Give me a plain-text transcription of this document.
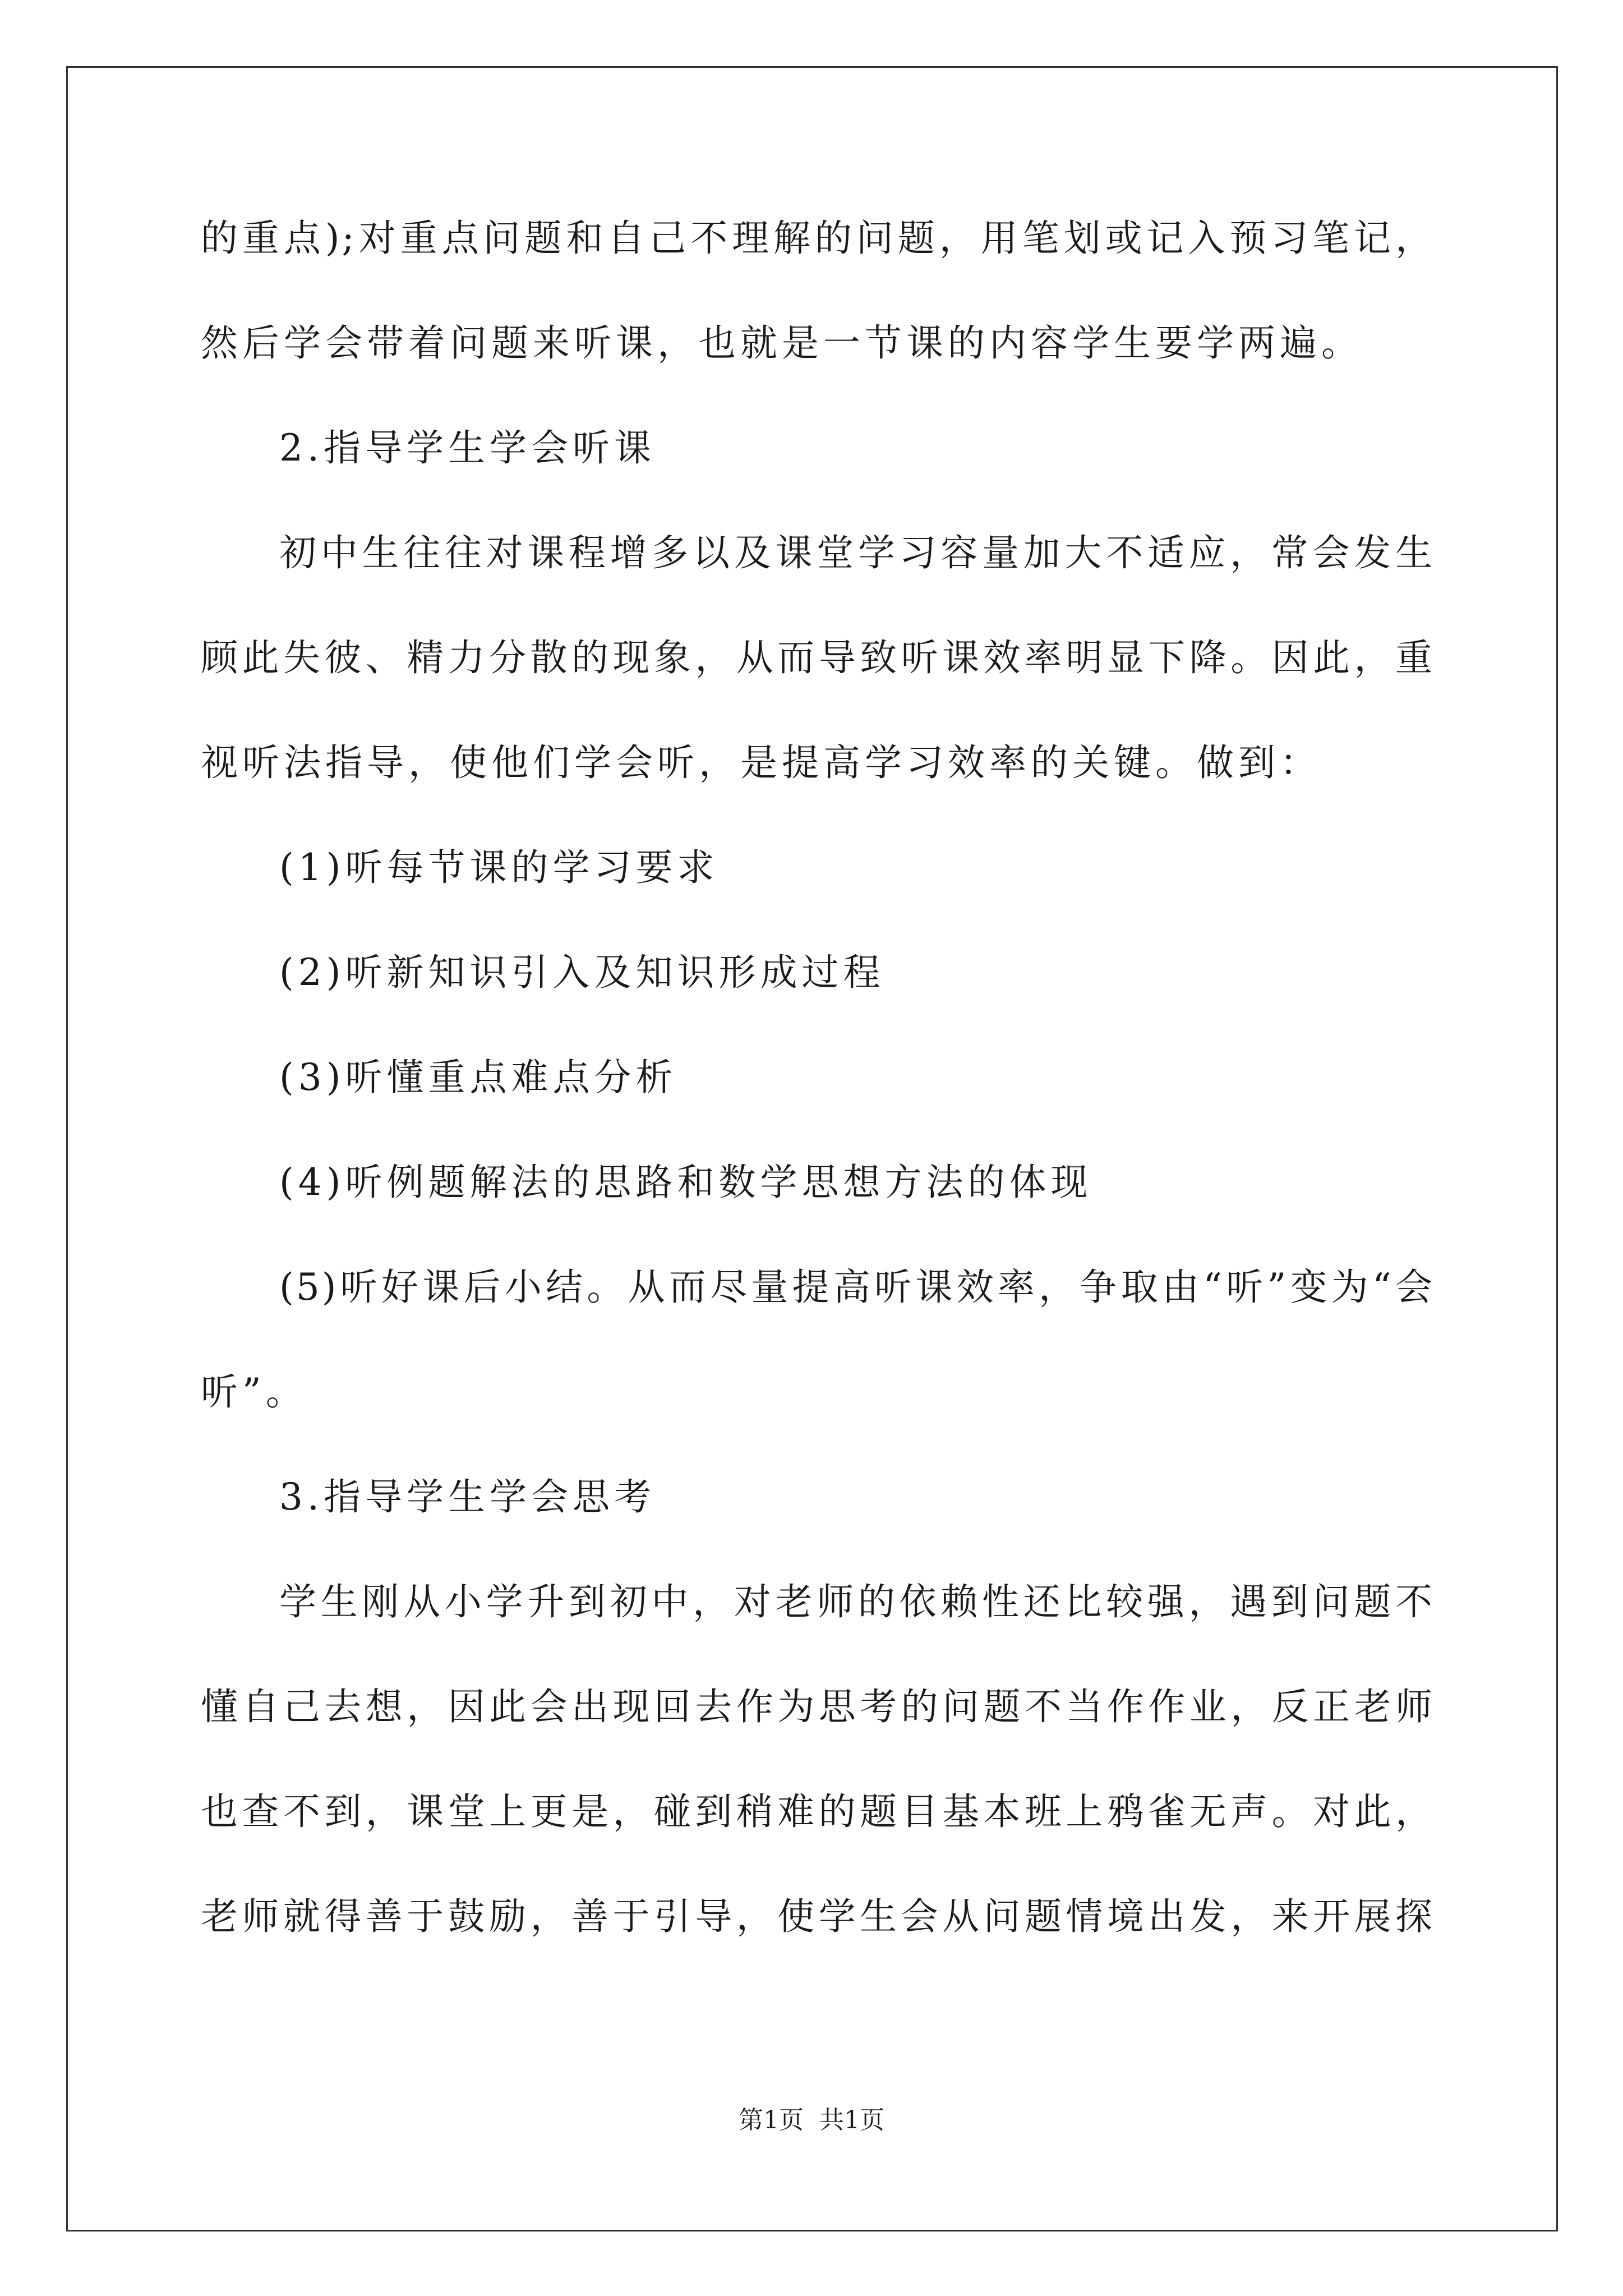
的重点);对重点问题和自己不理解的问题，用笔划或记入预习笔记，
然后学会带着问题来听课，也就是一节课的内容学生要学两遍。
2.指导学生学会听课
初中生往往对课程增多以及课堂学习容量加大不适应，常会发生
顾此失彼、精力分散的现象，从而导致听课效率明显下降。因此，重
视听法指导，使他们学会听，是提高学习效率的关键。做到：
(1)听每节课的学习要求
(2)听新知识引入及知识形成过程
(3)听懂重点难点分析
(4)听例题解法的思路和数学思想方法的体现
(5)听好课后小结。从而尽量提高听课效率，争取由“听”变为“会
听”。
3.指导学生学会思考
学生刚从小学升到初中，对老师的依赖性还比较强，遇到问题不
懂自己去想，因此会出现回去作为思考的问题不当作作业，反正老师
也查不到，课堂上更是，碰到稍难的题目基本班上鸦雀无声。对此，
老师就得善于鼓励，善于引导，使学生会从问题情境出发，来开展探
第1页 共1页
